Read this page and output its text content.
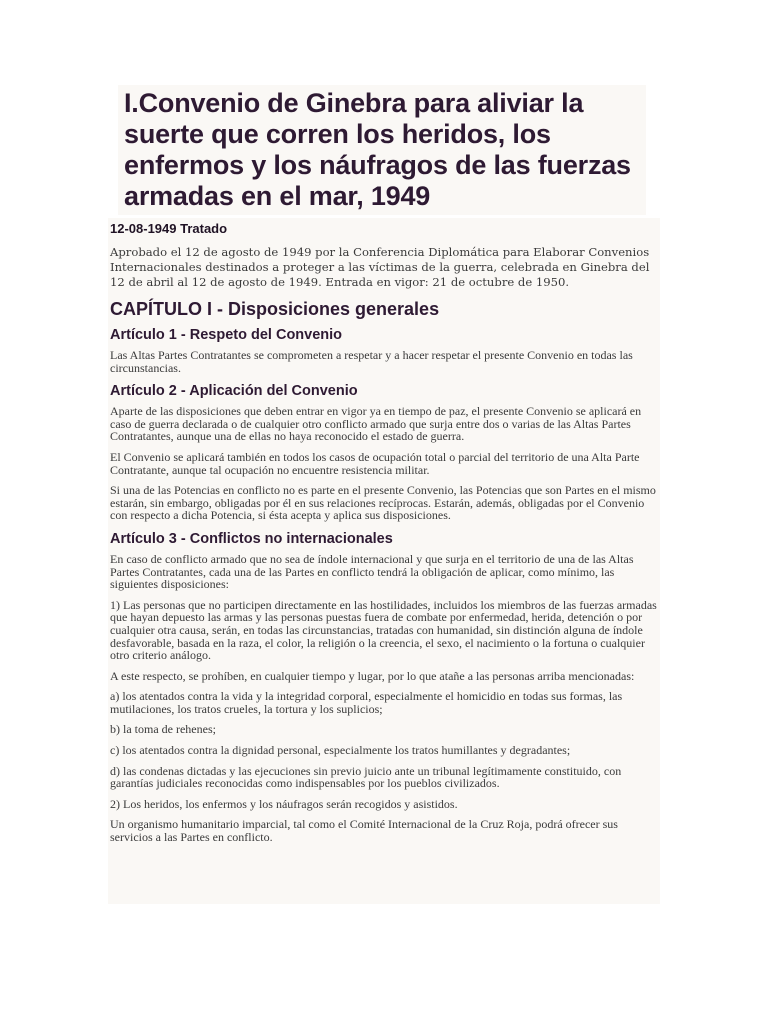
I.Convenio de Ginebra para aliviar la suerte que corren los heridos, los enfermos y los náufragos de las fuerzas armadas en el mar, 1949
12-08-1949 Tratado

Aprobado el 12 de agosto de 1949 por la Conferencia Diplomática para Elaborar Convenios Internacionales destinados a proteger a las víctimas de la guerra, celebrada en Ginebra del 12 de abril al 12 de agosto de 1949. Entrada en vigor: 21 de octubre de 1950.

CAPÍTULO I - Disposiciones generales
Artículo 1 - Respeto del Convenio

Las Altas Partes Contratantes se comprometen a respetar y a hacer respetar el presente Convenio en todas las circunstancias.

Artículo 2 - Aplicación del Convenio

Aparte de las disposiciones que deben entrar en vigor ya en tiempo de paz, el presente Convenio se aplicará en caso de guerra declarada o de cualquier otro conflicto armado que surja entre dos o varias de las Altas Partes Contratantes, aunque una de ellas no haya reconocido el estado de guerra.

El Convenio se aplicará también en todos los casos de ocupación total o parcial del territorio de una Alta Parte Contratante, aunque tal ocupación no encuentre resistencia militar.

Si una de las Potencias en conflicto no es parte en el presente Convenio, las Potencias que son Partes en el mismo estarán, sin embargo, obligadas por él en sus relaciones recíprocas. Estarán, además, obligadas por el Convenio con respecto a dicha Potencia, si ésta acepta y aplica sus disposiciones.

Artículo 3 - Conflictos no internacionales

En caso de conflicto armado que no sea de índole internacional y que surja en el territorio de una de las Altas Partes Contratantes, cada una de las Partes en conflicto tendrá la obligación de aplicar, como mínimo, las siguientes disposiciones:

1) Las personas que no participen directamente en las hostilidades, incluidos los miembros de las fuerzas armadas que hayan depuesto las armas y las personas puestas fuera de combate por enfermedad, herida, detención o por cualquier otra causa, serán, en todas las circunstancias, tratadas con humanidad, sin distinción alguna de índole desfavorable, basada en la raza, el color, la religión o la creencia, el sexo, el nacimiento o la fortuna o cualquier otro criterio análogo.

A este respecto, se prohíben, en cualquier tiempo y lugar, por lo que atañe a las personas arriba mencionadas:

a) los atentados contra la vida y la integridad corporal, especialmente el homicidio en todas sus formas, las mutilaciones, los tratos crueles, la tortura y los suplicios;

b) la toma de rehenes;

c) los atentados contra la dignidad personal, especialmente los tratos humillantes y degradantes;

d) las condenas dictadas y las ejecuciones sin previo juicio ante un tribunal legítimamente constituido, con garantías judiciales reconocidas como indispensables por los pueblos civilizados.

2) Los heridos, los enfermos y los náufragos serán recogidos y asistidos.

Un organismo humanitario imparcial, tal como el Comité Internacional de la Cruz Roja, podrá ofrecer sus servicios a las Partes en conflicto.
